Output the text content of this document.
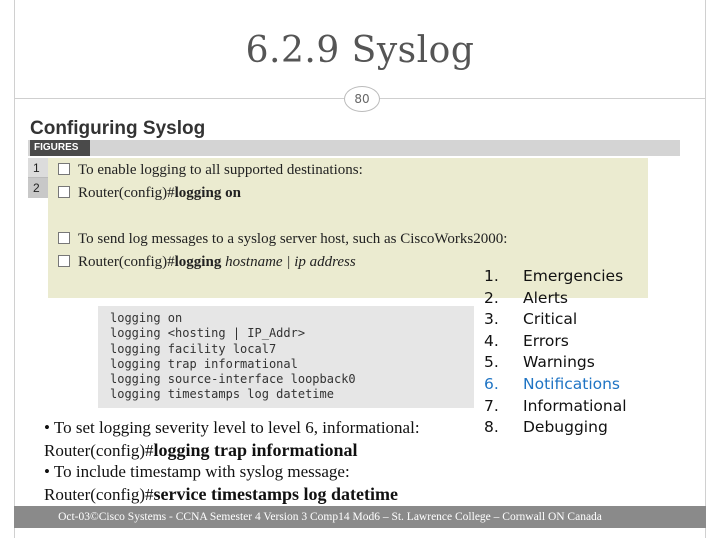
6.2.9 Syslog
80
Configuring Syslog
FIGURES
1
2
To enable logging to all supported destinations:
Router(config)#logging on
To send log messages to a syslog server host, such as CiscoWorks2000:
Router(config)#logging hostname | ip address
logging on
logging <hosting | IP_Addr>
logging facility local7
logging trap informational
logging source-interface loopback0
logging timestamps log datetime
1. Emergencies
2. Alerts
3. Critical
4. Errors
5. Warnings
6. Notifications
7. Informational
8. Debugging
• To set logging severity level to level 6, informational:
Router(config)#logging trap informational
• To include timestamp with syslog message:
Router(config)#service timestamps log datetime
Oct-03©Cisco Systems - CCNA Semester 4 Version 3 Comp14 Mod6 – St. Lawrence College – Cornwall ON Canada
